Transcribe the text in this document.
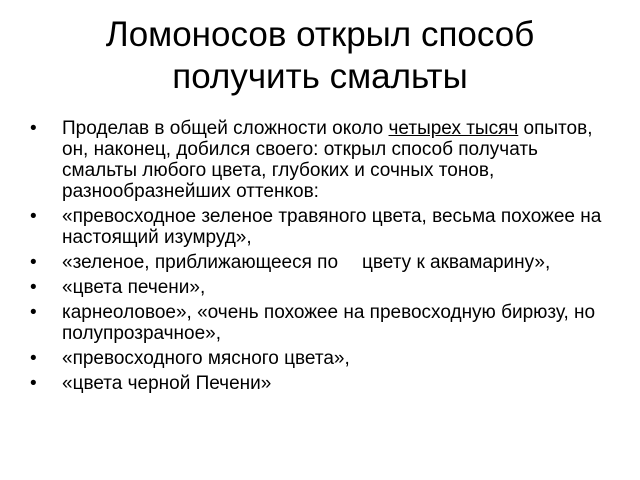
Ломоносов открыл способ
получить смальты
• Проделав в общей сложности около четырех тысяч опытов, он, наконец, добился своего: открыл способ получать смальты любого цвета, глубоких и сочных тонов, разнообразнейших оттенков:
• «превосходное зеленое травяного цвета, весьма похожее на настоящий изумруд»,
• «зеленое, приближающееся по цвету к аквамарину»,
• «цвета печени»,
• карнеоловое», «очень похожее на превосходную бирюзу, но полупрозрачное»,
• «превосходного мясного цвета»,
• «цвета черной Печени»
